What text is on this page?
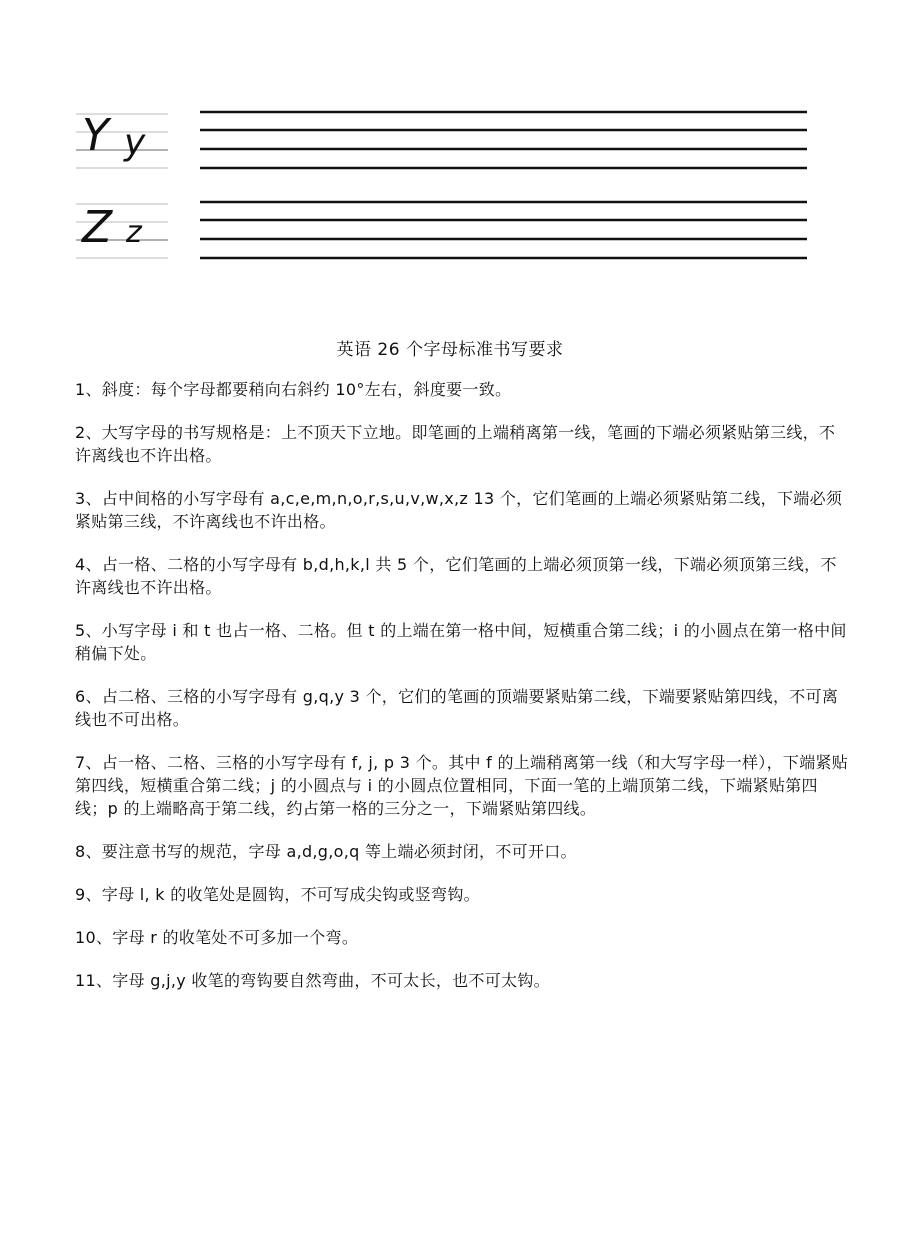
Y y
Z z
英语 26 个字母标准书写要求
1、斜度：每个字母都要稍向右斜约 10°左右，斜度要一致。
2、大写字母的书写规格是：上不顶天下立地。即笔画的上端稍离第一线，笔画的下端必须紧贴第三线，不许离线也不许出格。
3、占中间格的小写字母有 a,c,e,m,n,o,r,s,u,v,w,x,z 13 个，它们笔画的上端必须紧贴第二线，下端必须紧贴第三线，不许离线也不许出格。
4、占一格、二格的小写字母有 b,d,h,k,l 共 5 个，它们笔画的上端必须顶第一线，下端必须顶第三线，不许离线也不许出格。
5、小写字母 i 和 t 也占一格、二格。但 t 的上端在第一格中间，短横重合第二线；i 的小圆点在第一格中间稍偏下处。
6、占二格、三格的小写字母有 g,q,y 3 个，它们的笔画的顶端要紧贴第二线，下端要紧贴第四线，不可离线也不可出格。
7、占一格、二格、三格的小写字母有 f, j, p 3 个。其中 f 的上端稍离第一线（和大写字母一样），下端紧贴第四线，短横重合第二线；j 的小圆点与 i 的小圆点位置相同，下面一笔的上端顶第二线，下端紧贴第四线；p 的上端略高于第二线，约占第一格的三分之一，下端紧贴第四线。
8、要注意书写的规范，字母 a,d,g,o,q 等上端必须封闭，不可开口。
9、字母 l, k 的收笔处是圆钩，不可写成尖钩或竖弯钩。
10、字母 r 的收笔处不可多加一个弯。
11、字母 g,j,y 收笔的弯钩要自然弯曲，不可太长，也不可太钩。
